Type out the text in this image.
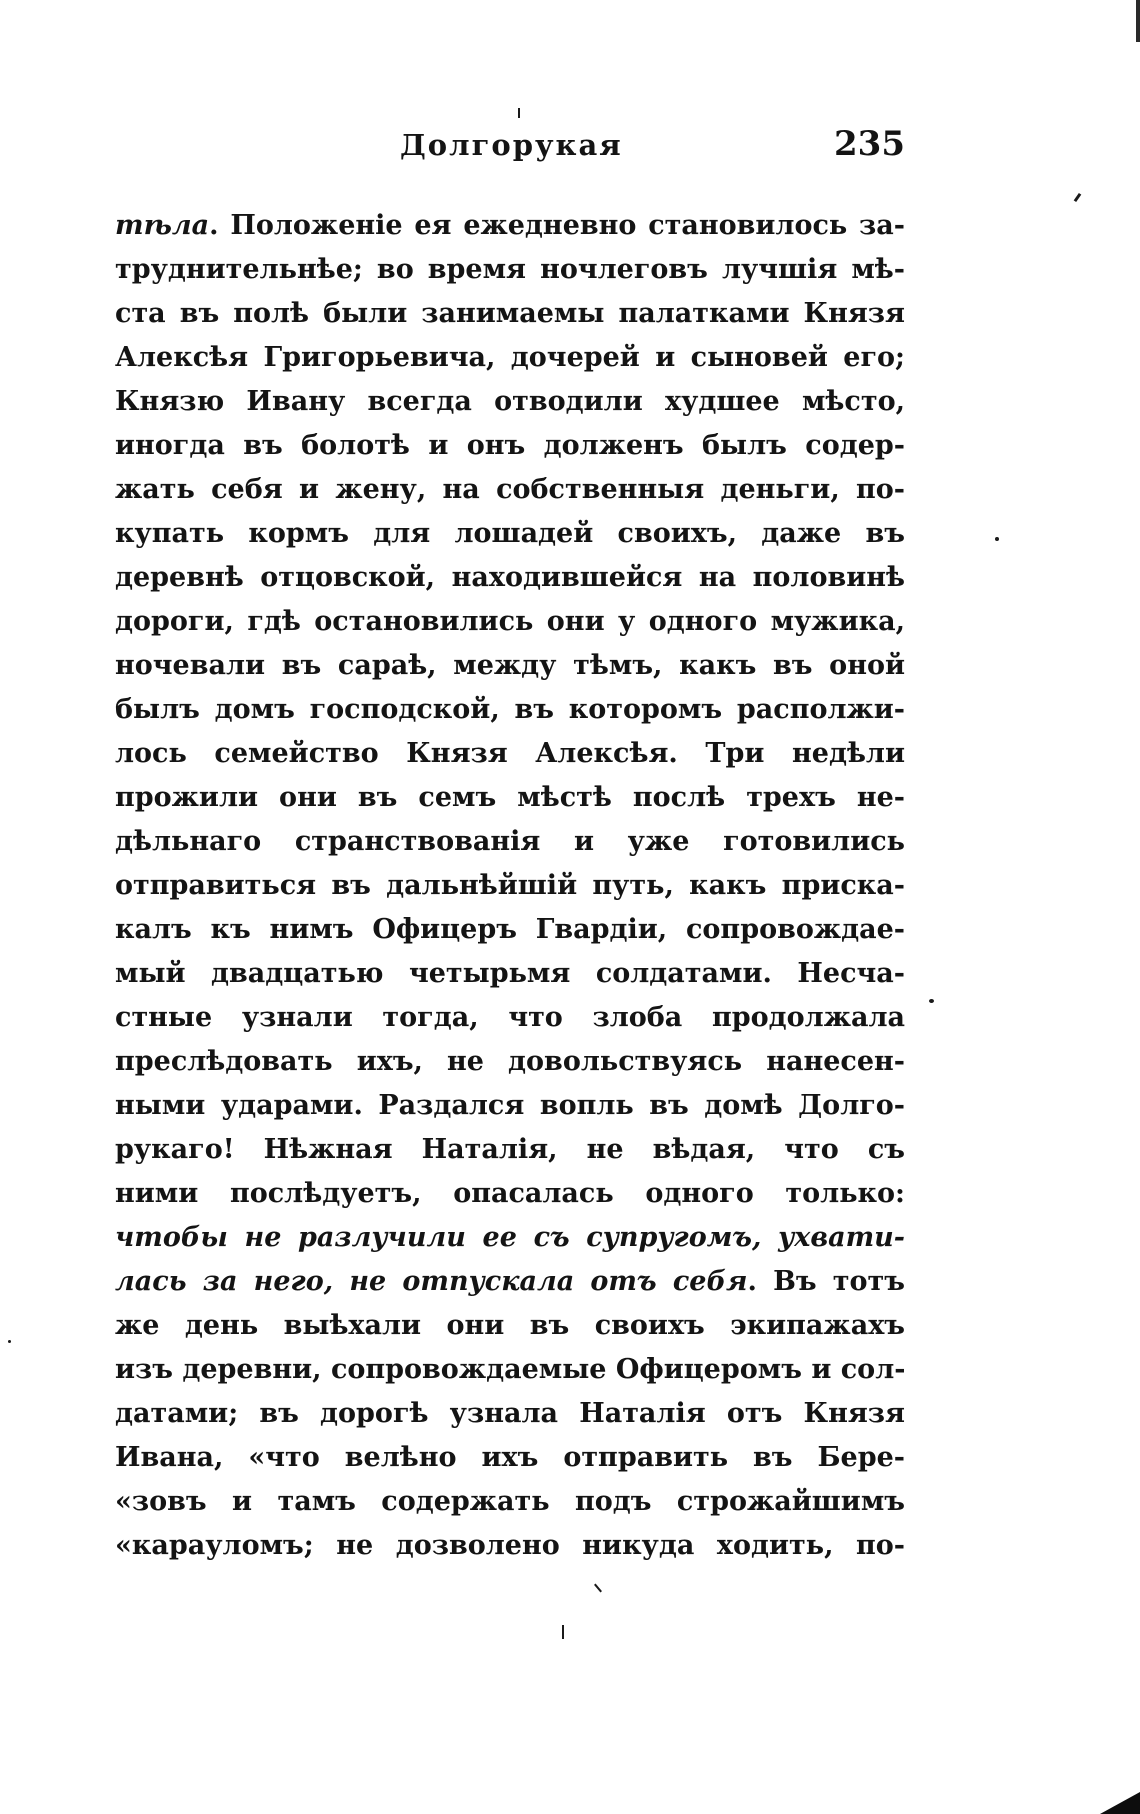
Долгорукая	235
тѣла. Положеніе ея ежедневно становилось за-
труднительнѣе; во время ночлеговъ лучшія мѣ-
ста въ полѣ были занимаемы палатками Князя
Алексѣя Григорьевича, дочерей и сыновей его;
Князю Ивану всегда отводили худшее мѣсто,
иногда въ болотѣ и онъ долженъ былъ содер-
жать себя и жену, на собственныя деньги, по-
купать кормъ для лошадей своихъ, даже въ
деревнѣ отцовской, находившейся на половинѣ
дороги, гдѣ остановились они у одного мужика,
ночевали въ сараѣ, между тѣмъ, какъ въ оной
былъ домъ господской, въ которомъ располжи-
лось семейство Князя Алексѣя. Три недѣли
прожили они въ семъ мѣстѣ послѣ трехъ не-
дѣльнаго странствованія и уже готовились
отправиться въ дальнѣйшій путь, какъ приска-
калъ къ нимъ Офицеръ Гвардіи, сопровождае-
мый двадцатью четырьмя солдатами. Несча-
стные узнали тогда, что злоба продолжала
преслѣдовать ихъ, не довольствуясь нанесен-
ными ударами. Раздался вопль въ домѣ Долго-
рукаго! Нѣжная Наталія, не вѣдая, что съ
ними послѣдуетъ, опасалась одного только:
чтобы не разлучили ее съ супругомъ, ухвати-
лась за него, не отпускала отъ себя. Въ тотъ
же день выѣхали они въ своихъ экипажахъ
изъ деревни, сопровождаемые Офицеромъ и сол-
датами; въ дорогѣ узнала Наталія отъ Князя
Ивана, «что велѣно ихъ отправить въ Бере-
«зовъ и тамъ содержать подъ строжайшимъ
«карауломъ; не дозволено никуда ходить, по-
